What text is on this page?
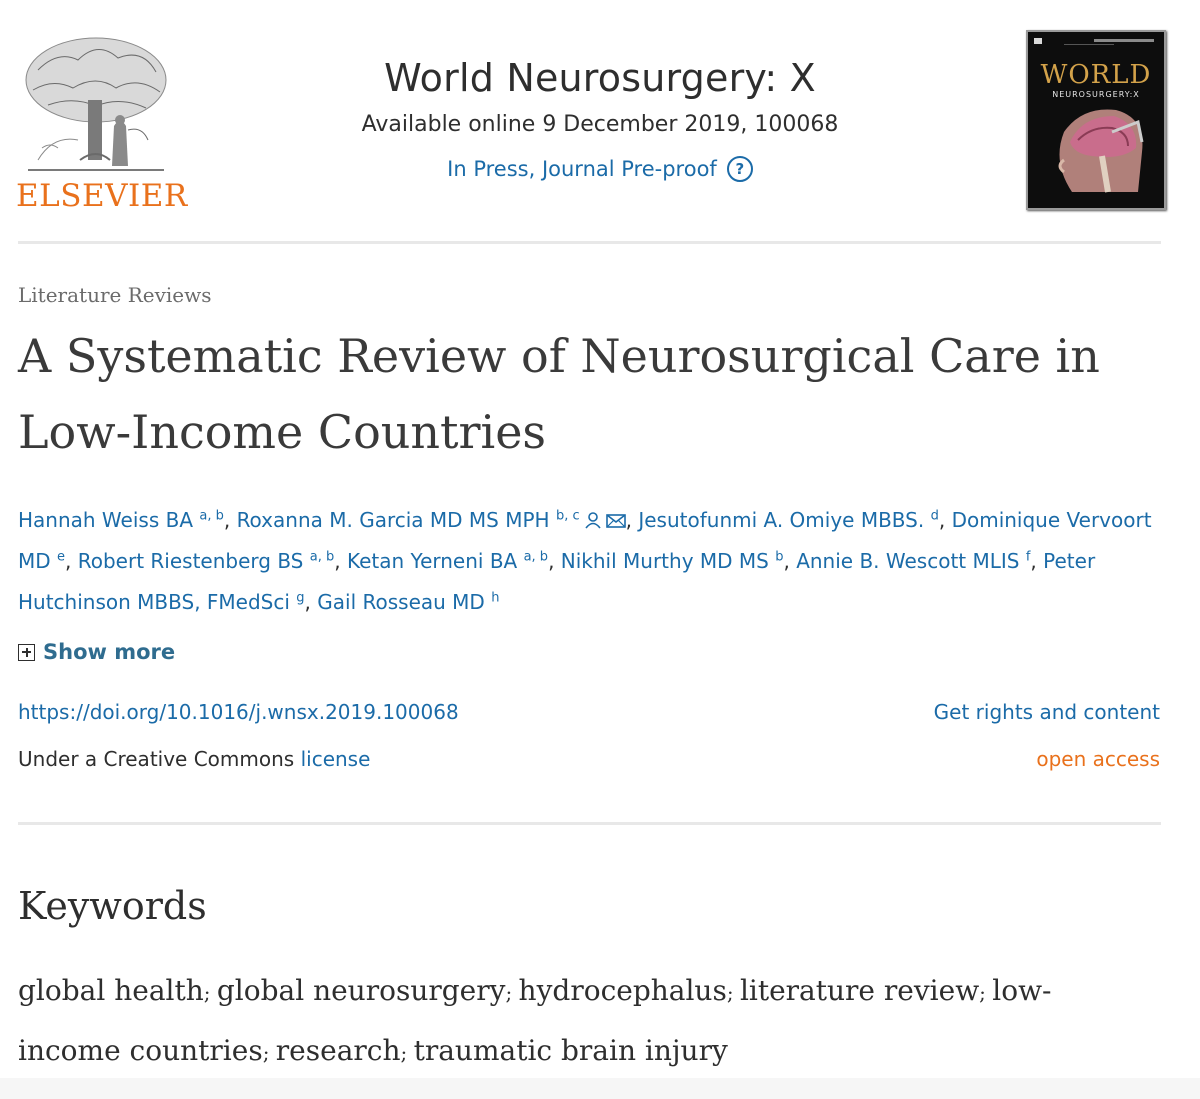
ELSEVIER
World Neurosurgery: X
Available online 9 December 2019, 100068
In Press, Journal Pre-proof	?
WORLD
NEUROSURGERY:X
Literature Reviews
A Systematic Review of Neurosurgical Care in Low-Income Countries
Hannah Weiss BA $^{a, b}$, Roxanna M. Garcia MD MS MPH $^{b, c}$ , Jesutofunmi A. Omiye MBBS. $^d$, Dominique Vervoort MD $^e$, Robert Riestenberg BS $^{a, b}$, Ketan Yerneni BA $^{a, b}$, Nikhil Murthy MD MS $^b$, Annie B. Wescott MLIS $^f$, Peter Hutchinson MBBS, FMedSci $^g$, Gail Rosseau MD $^h$
Show more
https://doi.org/10.1016/j.wnsx.2019.100068	Get rights and content
Under a Creative Commons license	open access
Keywords
global health; global neurosurgery; hydrocephalus; literature review; low-income countries; research; traumatic brain injury
